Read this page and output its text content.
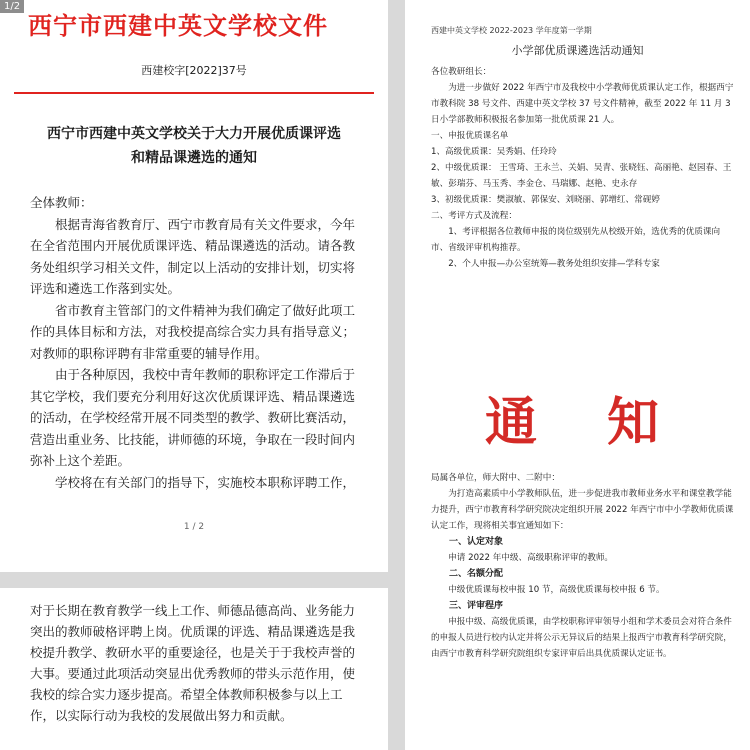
1/2
西宁市西建中英文学校文件
西建校字[2022]37号
西宁市西建中英文学校关于大力开展优质课评选
和精品课遴选的通知

全体教师：

根据青海省教育厅、西宁市教育局有关文件要求，今年在全省范围内开展优质课评选、精品课遴选的活动。请各教务处组织学习相关文件，制定以上活动的安排计划，切实将评选和遴选工作落到实处。

省市教育主管部门的文件精神为我们确定了做好此项工作的具体目标和方法，对我校提高综合实力具有指导意义；对教师的职称评聘有非常重要的辅导作用。

由于各种原因，我校中青年教师的职称评定工作滞后于其它学校，我们要充分利用好这次优质课评选、精品课遴选的活动，在学校经常开展不同类型的教学、教研比赛活动，营造出重业务、比技能，讲师德的环境，争取在一段时间内弥补上这个差距。

学校将在有关部门的指导下，实施校本职称评聘工作，

1 / 2
对于长期在教育教学一线上工作、师德品德高尚、业务能力突出的教师破格评聘上岗。优质课的评选、精品课遴选是我校提升教学、教研水平的重要途径，也是关于于我校声誉的大事。要通过此项活动突显出优秀教师的带头示范作用，使我校的综合实力逐步提高。希望全体教师积极参与以上工作，以实际行动为我校的发展做出努力和贡献。
西建中英文学校 2022-2023 学年度第一学期
小学部优质课遴选活动通知

各位教研组长：

为进一步做好 2022 年西宁市及我校中小学教师优质课认定工作，根据西宁市教科院 38 号文件、西建中英文学校 37 号文件精神，截至 2022 年 11 月 3 日小学部教师积极报名参加第一批优质课 21 人。

一、申报优质课名单

1、高级优质课：吴秀娟、任玲玲

2、中级优质课： 王雪琦、王永兰、关娟、吴青、张晓钰、高丽艳、赵园春、王敏、彭瑞芬、马玉秀、李金仓、马瑞娜、赵艳、史永存

3、初级优质课：樊淑敏、郭保安、刘晓丽、郭增红、常砚婷

二、考评方式及流程：

1、考评根据各位教师申报的岗位级别先从校级开始，选优秀的优质课向市、省级评审机构推荐。

2、个人申报—办公室统筹—教务处组织安排—学科专家

通知

局属各单位，师大附中、二附中：

为打造高素质中小学教师队伍，进一步促进我市教师业务水平和课堂教学能力提升，西宁市教育科学研究院决定组织开展 2022 年西宁市中小学教师优质课认定工作，现将相关事宜通知如下：

一、认定对象

申请 2022 年中级、高级职称评审的教师。

二、名额分配

中级优质课每校申报 10 节，高级优质课每校申报 6 节。

三、评审程序

申报中级、高级优质课，由学校职称评审领导小组和学术委员会对符合条件的申报人员进行校内认定并将公示无异议后的结果上报西宁市教育科学研究院，由西宁市教育科学研究院组织专家评审后出具优质课认定证书。
